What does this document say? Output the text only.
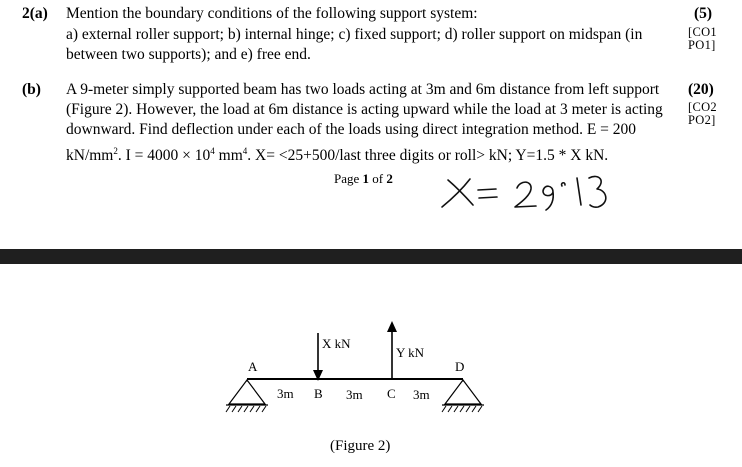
2(a) Mention the boundary conditions of the following support system:
a) external roller support; b) internal hinge; c) fixed support; d) roller support on midspan (in
between two supports); and e) free end.
(5)
[CO1
PO1]
(b) A 9-meter simply supported beam has two loads acting at 3m and 6m distance from left support
(Figure 2). However, the load at 6m distance is acting upward while the load at 3 meter is acting
downward. Find deflection under each of the loads using direct integration method. E = 200
$kN/mm^2$. $I = 4000 \times 10^4$ $mm^4$. X= <25+500/last three digits or roll> kN; Y=1.5 * X kN.
(20)
[CO2
PO2]
Page 1 of 2
X kN
Y kN
A
B	C
D
3m	3m	3m
(Figure 2)
